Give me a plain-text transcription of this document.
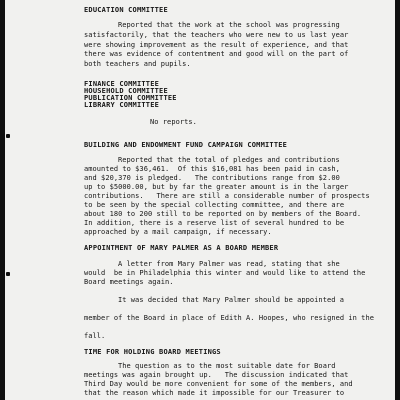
EDUCATION COMMITTEE
Reported that the work at the school was progressing
satisfactorily, that the teachers who were new to us last year
were showing improvement as the result of experience, and that
there was evidence of contentment and good will on the part of
both teachers and pupils.
FINANCE COMMITTEE
HOUSEHOLD COMMITTEE
PUBLICATION COMMITTEE
LIBRARY COMMITTEE
No reports.
BUILDING AND ENDOWMENT FUND CAMPAIGN COMMITTEE
Reported that the total of pledges and contributions
amounted to $36,461.  Of this $16,081 has been paid in cash,
and $20,370 is pledged.   The contributions range from $2.00
up to $5000.00, but by far the greater amount is in the larger
contributions.   There are still a considerable number of prospects
to be seen by the special collecting committee, and there are
about 180 to 200 still to be reported on by members of the Board.
In addition, there is a reserve list of several hundred to be
approached by a mail campaign, if necessary.
APPOINTMENT OF MARY PALMER AS A BOARD MEMBER
A letter from Mary Palmer was read, stating that she
would  be in Philadelphia this winter and would like to attend the
Board meetings again.
It was decided that Mary Palmer should be appointed a
member of the Board in place of Edith A. Hoopes, who resigned in the
fall.
TIME FOR HOLDING BOARD MEETINGS
The question as to the most suitable date for Board
meetings was again brought up.   The discussion indicated that
Third Day would be more convenient for some of the members, and
that the reason which made it impossible for our Treasurer to
